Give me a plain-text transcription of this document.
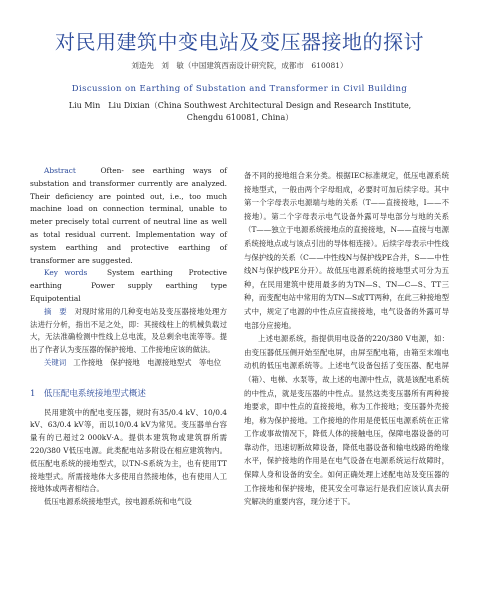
对民用建筑中变电站及变压器接地的探讨
刘造先　刘　敏（中国建筑西南设计研究院，成都市　610081）
Discussion on Earthing of Substation and Transformer in Civil Building
Liu Min　Liu Dixian（China Southwest Architectural Design and Research Institute, Chengdu 610081, China）

Abstract	Often- see earthing ways of substation and transformer currently are analyzed. Their deficiency are pointed out, i.e., too much machine load on connection terminal, unable to meter precisely total current of neutral line as well as total residual current. Implementation way of system earthing and protective earthing of transformer are suggested.

Key words	System earthing　Protective earthing　Power supply earthing type　Equipotential

摘　要 对现时常用的几种变电站及变压器接地处理方法进行分析，指出不足之处，即：其接线柱上的机械负载过大，无法准确检测中性线上总电流，及总剩余电流等等。提出了作者认为变压器的保护接地、工作接地应该的做法。

关键词 工作接地　保护接地　电源接地型式　等电位

1　低压配电系统接地型式概述

民用建筑中的配电变压器，规时有35/0.4 kV、10/0.4 kV、63/0.4 kV等，而以10/0.4 kV为常见。变压器单台容量有的已超过2 000kV·A。提供本建筑物或建筑群所需220/380 V低压电源。此类配电站多附设在相应建筑物内。低压配电系统的接地型式，以TN-S系统为主，也有使用TT接地型式。所需接地体大多使用自然接地体，也有使用人工接地体或两者相结合。

低压电源系统接地型式，按电源系统和电气设

备不同的接地组合来分类。根据IEC标准规定，低压电源系统接地型式，一般由两个字母组成，必要时可加后续字母。其中第一个字母表示电源端与地的关系（T——直接接地，I——不接地）。第二个字母表示电气设备外露可导电部分与地的关系（T——独立于电源系统接地点的直接接地，N——直接与电源系统接地点或与该点引出的导体相连接）。后续字母表示中性线与保护线的关系（C——中性线N与保护线PE合并，S——中性线N与保护线PE分开）。故低压电源系统的接地型式可分为五种，在民用建筑中使用最多的为TN—S、TN—C—S、TT三种，而变配电站中常用的为TN—S或TT两种，在此三种接地型式中，规定了电源的中性点应直接接地，电气设备的外露可导电部分应接地。

上述电源系统，指提供用电设备的220/380 V电源，如：由变压器低压侧开始至配电屏，由屏至配电箱，由箱至末端电动机的低压电源系统等。上述电气设备包括了变压器、配电屏（箱）、电梯、水泵等，故上述的电源中性点，就是该配电系统的中性点，就是变压器的中性点。显然这类变压器所有两种接地要求，即中性点的直接接地，称为工作接地；变压器外壳接地，称为保护接地。工作接地的作用是使低压电源系统在正常工作或事故情况下，降低人体的接触电压，保障电器设备的可靠动作，迅速切断故障设备，降低电器设备和输电线路的绝缘水平，保护接地的作用是在电气设备在电源系统运行故障时，保障人身和设备的安全。如何正确处理上述配电站及变压器的工作接地和保护接地，使其安全可靠运行是我们应该认真去研究解决的重要内容，现分述于下。
